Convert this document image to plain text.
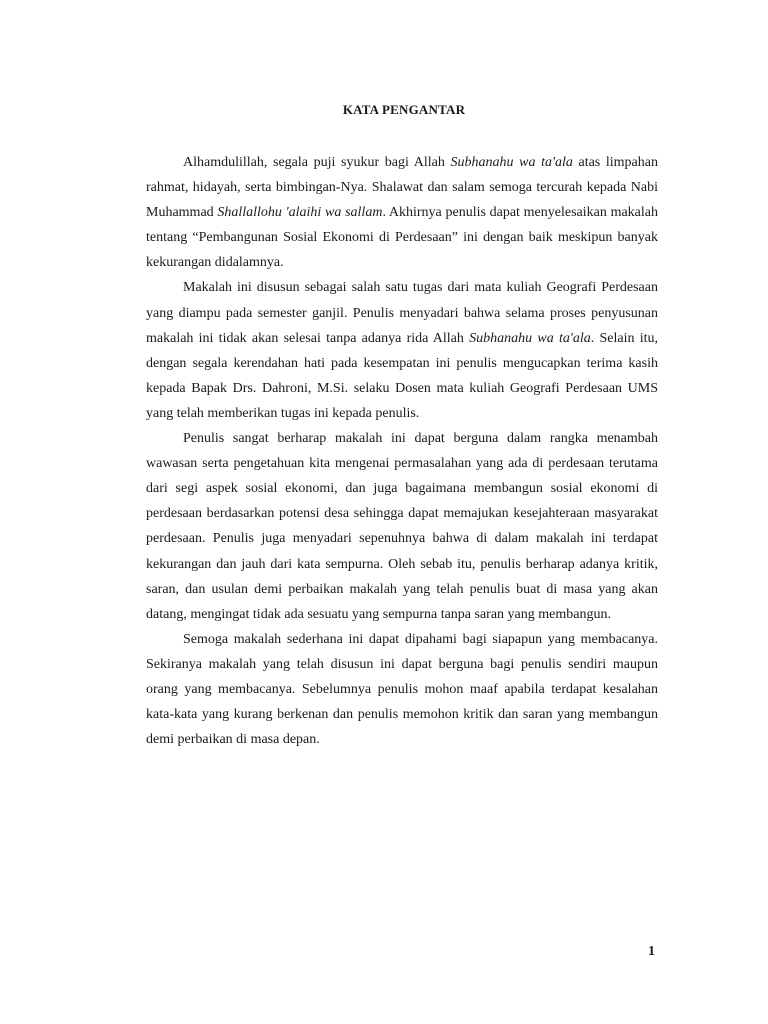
KATA PENGANTAR

Alhamdulillah, segala puji syukur bagi Allah Subhanahu wa ta'ala atas limpahan rahmat, hidayah, serta bimbingan-Nya. Shalawat dan salam semoga tercurah kepada Nabi Muhammad Shallallohu 'alaihi wa sallam. Akhirnya penulis dapat menyelesaikan makalah tentang “Pembangunan Sosial Ekonomi di Perdesaan” ini dengan baik meskipun banyak kekurangan didalamnya.

Makalah ini disusun sebagai salah satu tugas dari mata kuliah Geografi Perdesaan yang diampu pada semester ganjil. Penulis menyadari bahwa selama proses penyusunan makalah ini tidak akan selesai tanpa adanya rida Allah Subhanahu wa ta'ala. Selain itu, dengan segala kerendahan hati pada kesempatan ini penulis mengucapkan terima kasih kepada Bapak Drs. Dahroni, M.Si. selaku Dosen mata kuliah Geografi Perdesaan UMS yang telah memberikan tugas ini kepada penulis.

Penulis sangat berharap makalah ini dapat berguna dalam rangka menambah wawasan serta pengetahuan kita mengenai permasalahan yang ada di perdesaan terutama dari segi aspek sosial ekonomi, dan juga bagaimana membangun sosial ekonomi di perdesaan berdasarkan potensi desa sehingga dapat memajukan kesejahteraan masyarakat perdesaan. Penulis juga menyadari sepenuhnya bahwa di dalam makalah ini terdapat kekurangan dan jauh dari kata sempurna. Oleh sebab itu, penulis berharap adanya kritik, saran, dan usulan demi perbaikan makalah yang telah penulis buat di masa yang akan datang, mengingat tidak ada sesuatu yang sempurna tanpa saran yang membangun.

Semoga makalah sederhana ini dapat dipahami bagi siapapun yang membacanya. Sekiranya makalah yang telah disusun ini dapat berguna bagi penulis sendiri maupun orang yang membacanya. Sebelumnya penulis mohon maaf apabila terdapat kesalahan kata-kata yang kurang berkenan dan penulis memohon kritik dan saran yang membangun demi perbaikan di masa depan.

1
